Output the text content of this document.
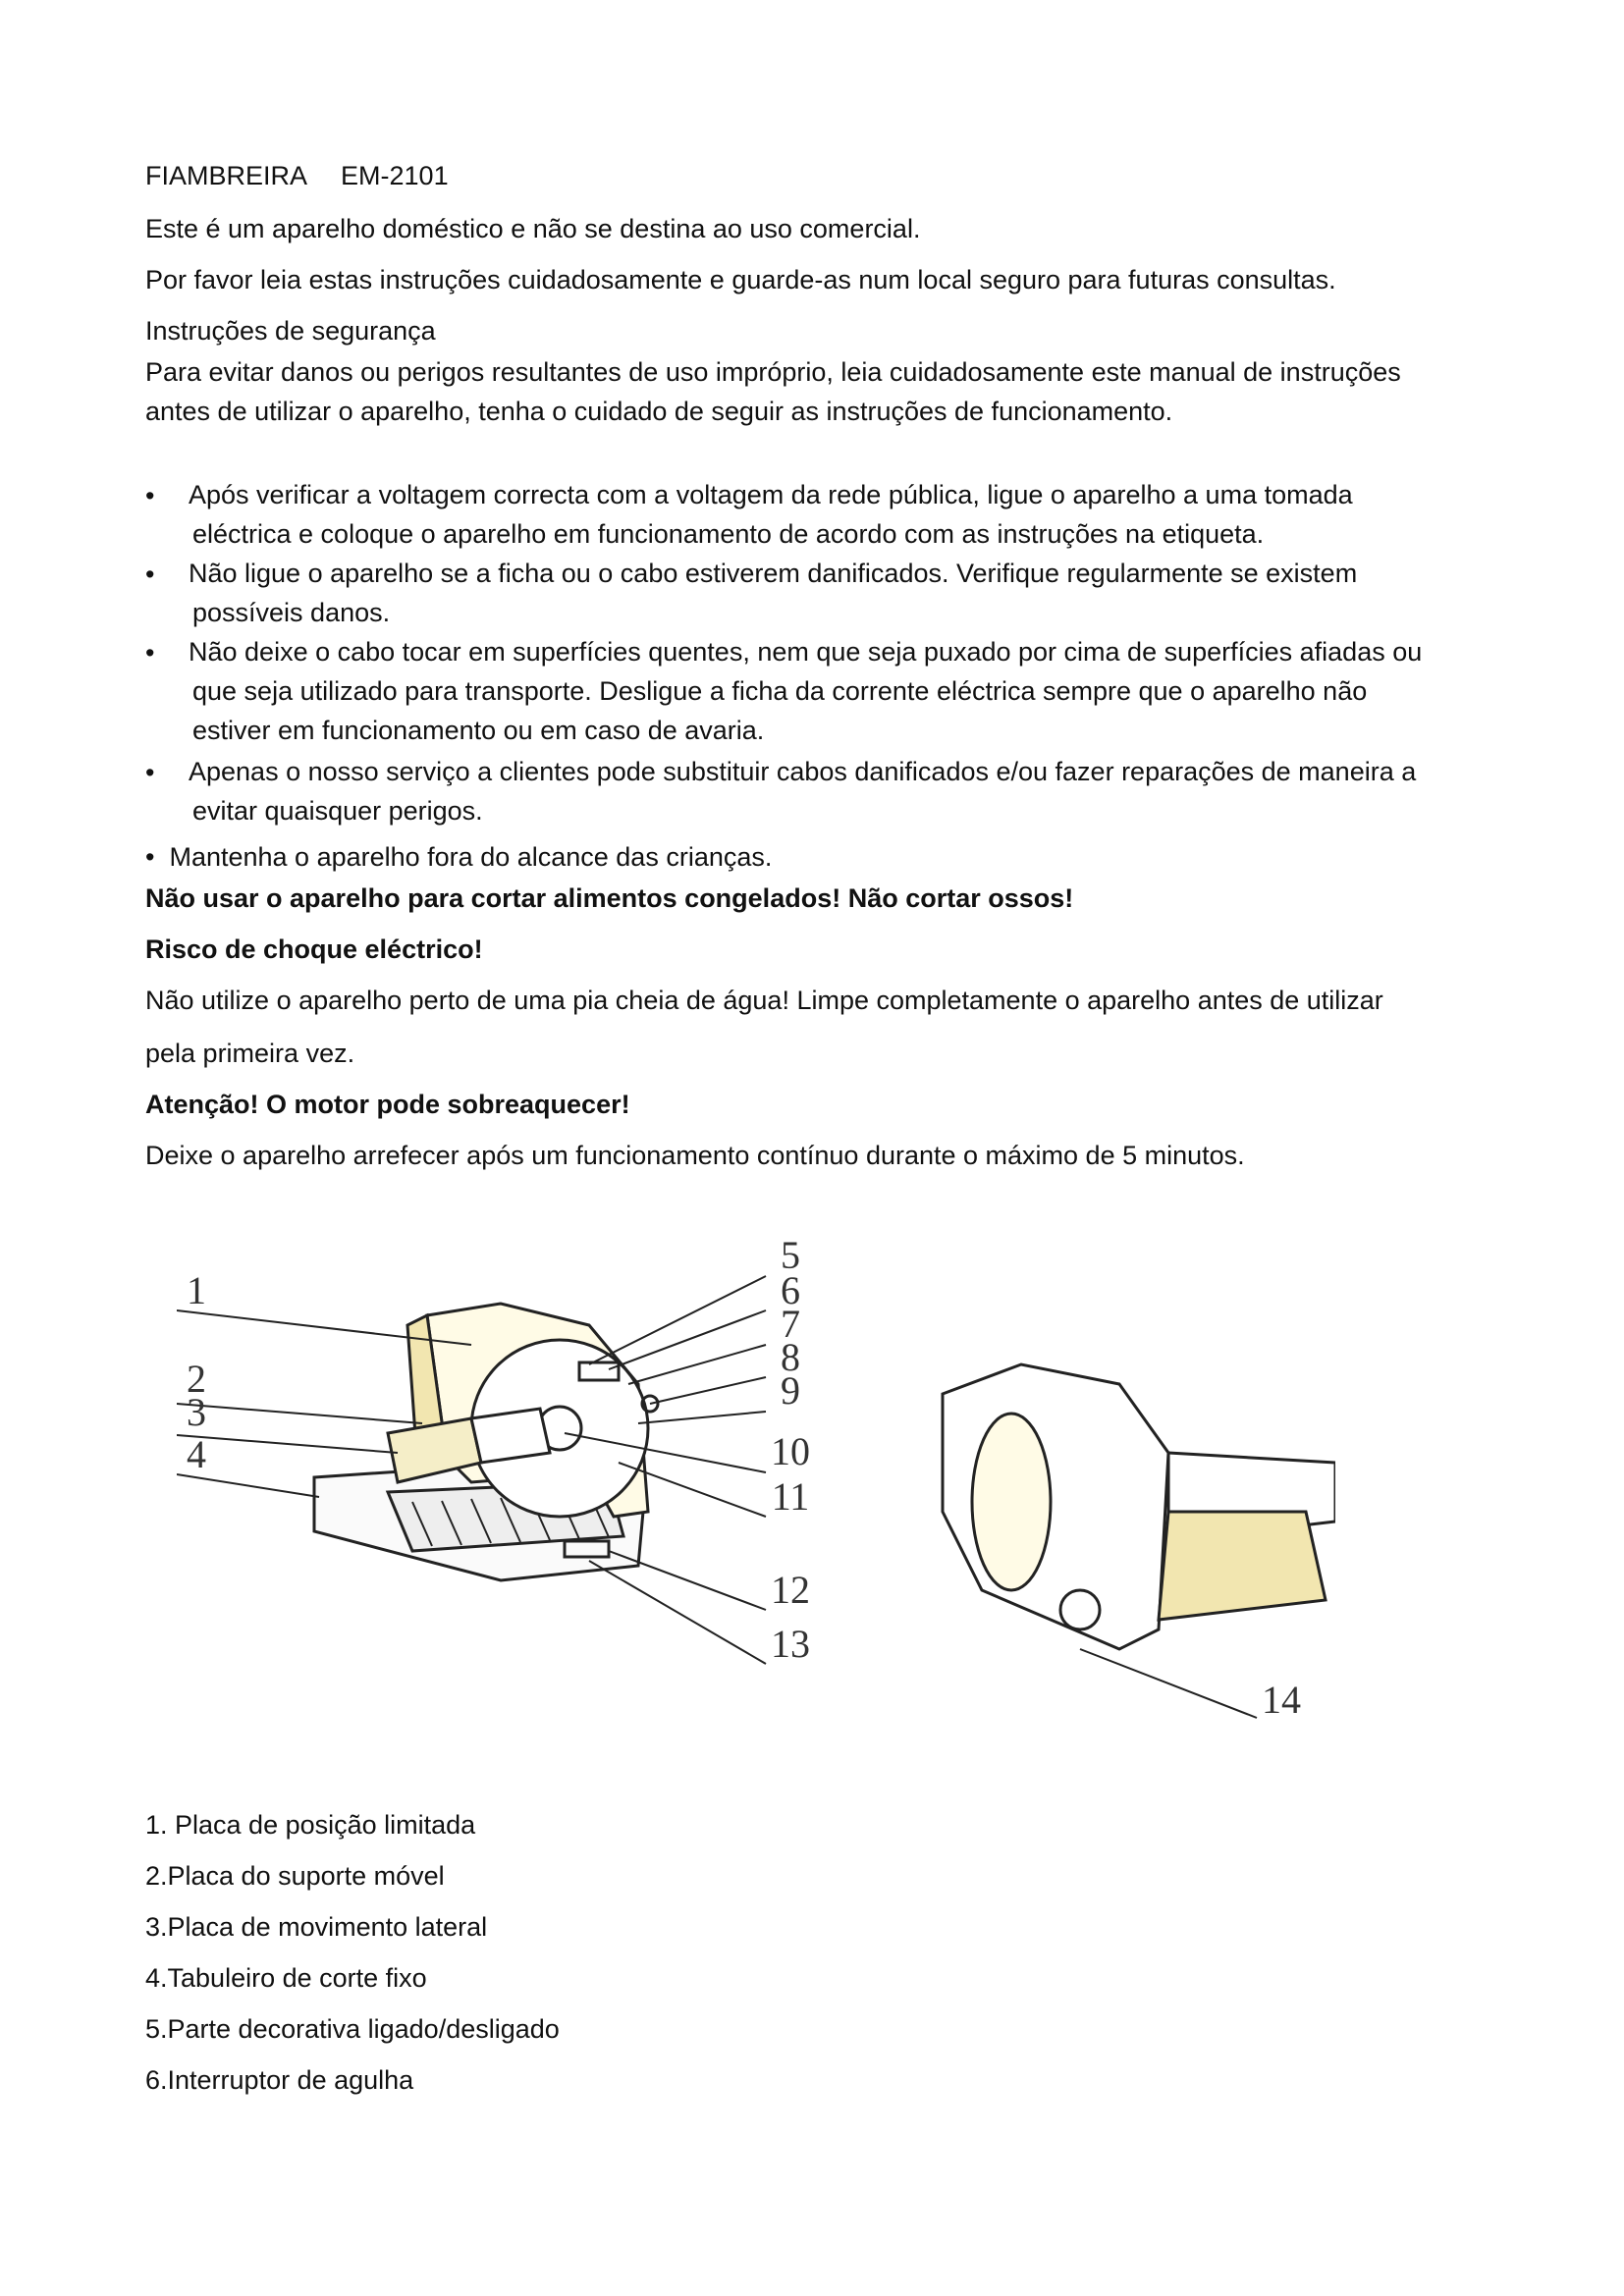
FIAMBREIRA EM-2101
Este é um aparelho doméstico e não se destina ao uso comercial.
Por favor leia estas instruções cuidadosamente e guarde-as num local seguro para futuras consultas.
Instruções de segurança
Para evitar danos ou perigos resultantes de uso impróprio, leia cuidadosamente este manual de instruções
antes de utilizar o aparelho, tenha o cuidado de seguir as instruções de funcionamento.
• Após verificar a voltagem correcta com a voltagem da rede pública, ligue o aparelho a uma tomada
eléctrica e coloque o aparelho em funcionamento de acordo com as instruções na etiqueta.
• Não ligue o aparelho se a ficha ou o cabo estiverem danificados. Verifique regularmente se existem
possíveis danos.
• Não deixe o cabo tocar em superfícies quentes, nem que seja puxado por cima de superfícies afiadas ou
que seja utilizado para transporte. Desligue a ficha da corrente eléctrica sempre que o aparelho não
estiver em funcionamento ou em caso de avaria.
• Apenas o nosso serviço a clientes pode substituir cabos danificados e/ou fazer reparações de maneira a
evitar quaisquer perigos.
• Mantenha o aparelho fora do alcance das crianças.
Não usar o aparelho para cortar alimentos congelados! Não cortar ossos!
Risco de choque eléctrico!
Não utilize o aparelho perto de uma pia cheia de água! Limpe completamente o aparelho antes de utilizar
pela primeira vez.
Atenção! O motor pode sobreaquecer!
Deixe o aparelho arrefecer após um funcionamento contínuo durante o máximo de 5 minutos.
1
2
3
4
5
6
7
8
9
10
11
12
13
14
1. Placa de posição limitada
2.Placa do suporte móvel
3.Placa de movimento lateral
4.Tabuleiro de corte fixo
5.Parte decorativa ligado/desligado
6.Interruptor de agulha
